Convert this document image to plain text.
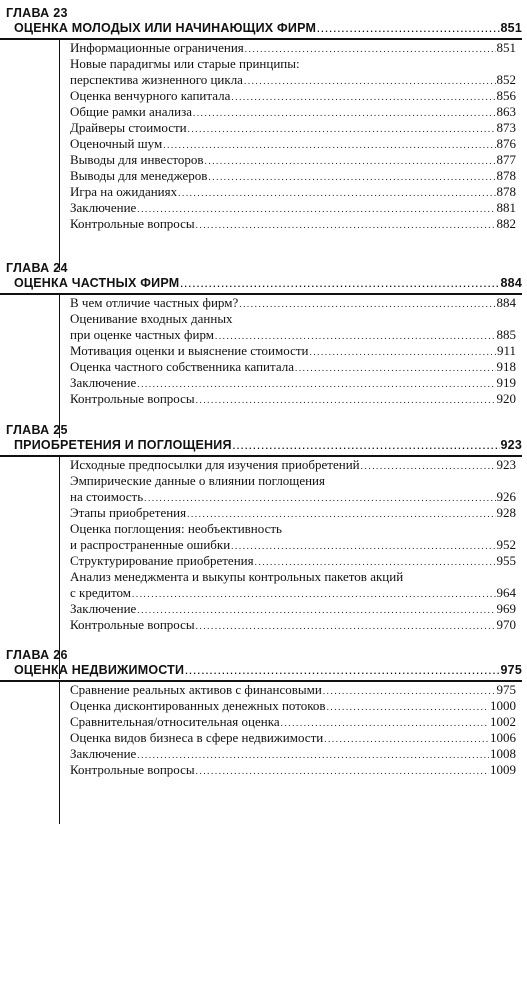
ГЛАВА 23
ОЦЕНКА МОЛОДЫХ ИЛИ НАЧИНАЮЩИХ ФИРМ .....	851
Информационные ограничения .....	851
Новые парадигмы или старые принципы:
перспектива жизненного цикла .....	852
Оценка венчурного капитала .....	856
Общие рамки анализа .....	863
Драйверы стоимости .....	873
Оценочный шум .....	876
Выводы для инвесторов .....	877
Выводы для менеджеров .....	878
Игра на ожиданиях .....	878
Заключение .....	881
Контрольные вопросы .....	882
ГЛАВА 24
ОЦЕНКА ЧАСТНЫХ ФИРМ .....	884
В чем отличие частных фирм? .....	884
Оценивание входных данных
при оценке частных фирм .....	885
Мотивация оценки и выяснение стоимости .....	911
Оценка частного собственника капитала .....	918
Заключение .....	919
Контрольные вопросы .....	920
ГЛАВА 25
ПРИОБРЕТЕНИЯ И ПОГЛОЩЕНИЯ .....	923
Исходные предпосылки для изучения приобретений .....	923
Эмпирические данные о влиянии поглощения
на стоимость .....	926
Этапы приобретения .....	928
Оценка поглощения: необъективность
и распространенные ошибки .....	952
Структурирование приобретения .....	955
Анализ менеджмента и выкупы контрольных пакетов акций
с кредитом .....	964
Заключение .....	969
Контрольные вопросы .....	970
ГЛАВА 26
ОЦЕНКА НЕДВИЖИМОСТИ .....	975
Сравнение реальных активов с финансовыми .....	975
Оценка дисконтированных денежных потоков .....	1000
Сравнительная/относительная оценка .....	1002
Оценка видов бизнеса в сфере недвижимости .....	1006
Заключение .....	1008
Контрольные вопросы .....	1009
